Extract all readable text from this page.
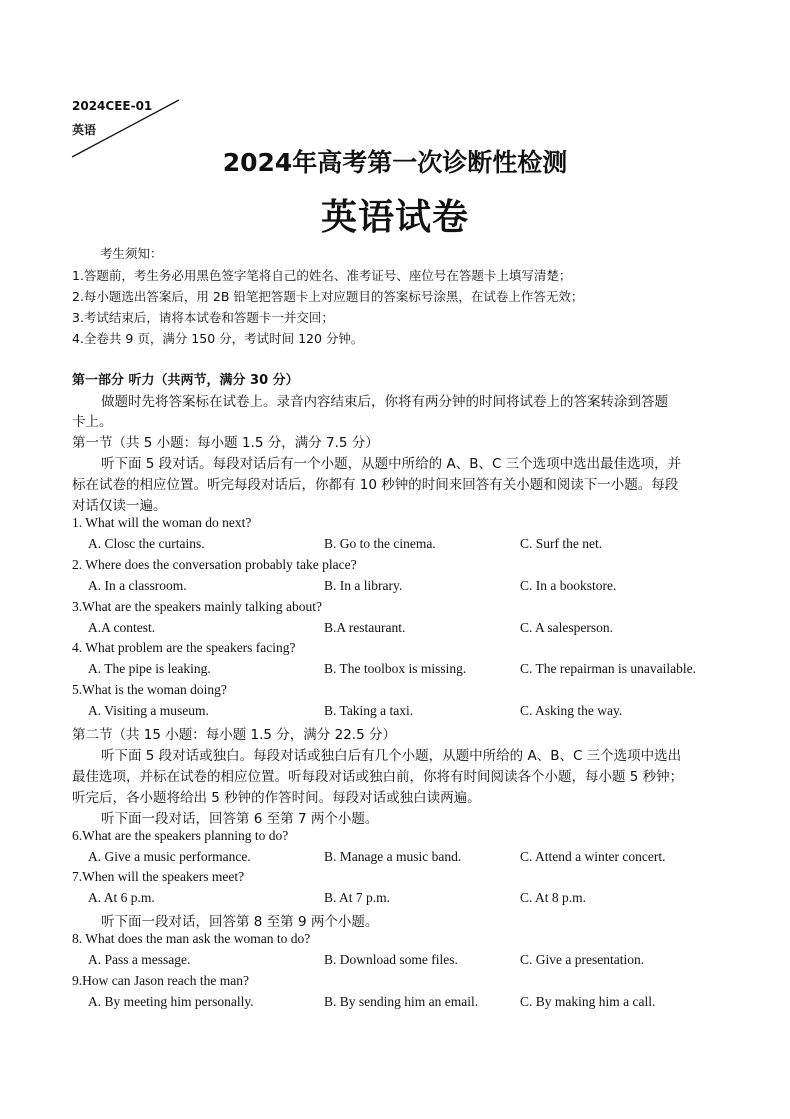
2024CEE-01
英语
2024年高考第一次诊断性检测
英语试卷
考生须知：
1.答题前，考生务必用黑色签字笔将自己的姓名、准考证号、座位号在答题卡上填写清楚；
2.每小题选出答案后，用 2B 铅笔把答题卡上对应题目的答案标号涂黑，在试卷上作答无效；
3.考试结束后，请将本试卷和答题卡一并交回；
4.全卷共 9 页，满分 150 分，考试时间 120 分钟。
第一部分 听力（共两节，满分 30 分）
做题时先将答案标在试卷上。录音内容结束后，你将有两分钟的时间将试卷上的答案转涂到答题
卡上。
第一节（共 5 小题：每小题 1.5 分，满分 7.5 分）
听下面 5 段对话。每段对话后有一个小题，从题中所给的 A、B、C 三个选项中选出最佳选项，并
标在试卷的相应位置。听完每段对话后，你都有 10 秒钟的时间来回答有关小题和阅读下一小题。每段
对话仅读一遍。
1. What will the woman do next?
A. Closc the curtains.	B. Go to the cinema.	C. Surf the net.
2. Where does the conversation probably take place?
A. In a classroom.	B. In a library.	C. In a bookstore.
3.What are the speakers mainly talking about?
A.A contest.	B.A restaurant.	C. A salesperson.
4. What problem are the speakers facing?
A. The pipe is leaking.	B. The toolbox is missing.	C. The repairman is unavailable.
5.What is the woman doing?
A. Visiting a museum.	B. Taking a taxi.	C. Asking the way.
第二节（共 15 小题：每小题 1.5 分，满分 22.5 分）
听下面 5 段对话或独白。每段对话或独白后有几个小题，从题中所给的 A、B、C 三个选项中选出
最佳选项，并标在试卷的相应位置。听每段对话或独白前，你将有时间阅读各个小题，每小题 5 秒钟；
听完后，各小题将给出 5 秒钟的作答时间。每段对话或独白读两遍。
听下面一段对话，回答第 6 至第 7 两个小题。
6.What are the speakers planning to do?
A. Give a music performance.	B. Manage a music band.	C. Attend a winter concert.
7.When will the speakers meet?
A. At 6 p.m.	B. At 7 p.m.	C. At 8 p.m.
听下面一段对话，回答第 8 至第 9 两个小题。
8. What does the man ask the woman to do?
A. Pass a message.	B. Download some files.	C. Give a presentation.
9.How can Jason reach the man?
A. By meeting him personally.	B. By sending him an email.	C. By making him a call.
